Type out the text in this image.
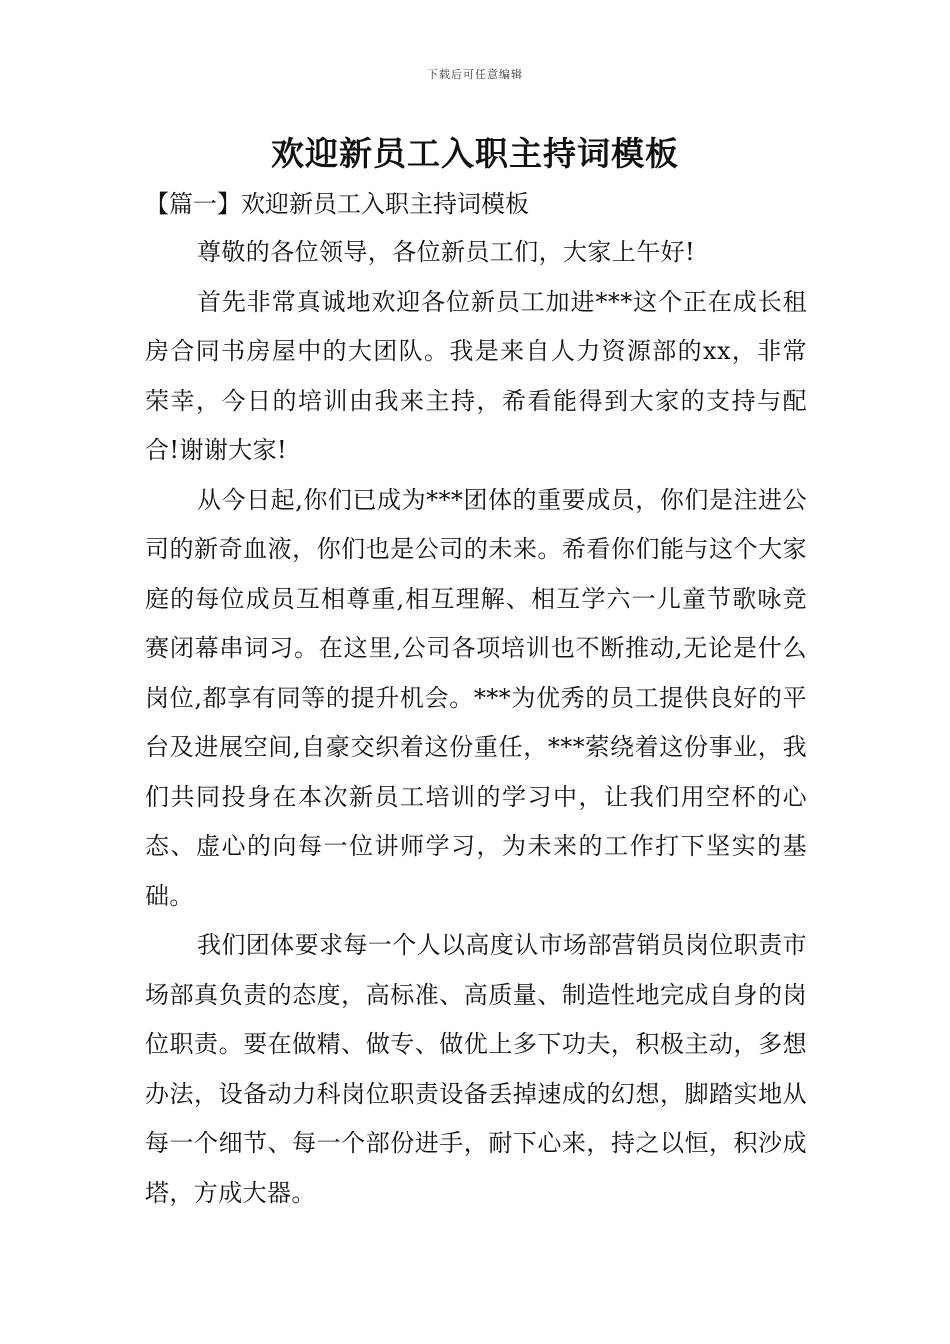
下载后可任意编辑
欢迎新员工入职主持词模板
【篇一】欢迎新员工入职主持词模板

尊敬的各位领导，各位新员工们，大家上午好!

首先非常真诚地欢迎各位新员工加进***这个正在成长租房合同书房屋中的大团队。我是来自人力资源部的xx，非常荣幸，今日的培训由我来主持，希看能得到大家的支持与配合!谢谢大家!

从今日起,你们已成为***团体的重要成员，你们是注进公司的新奇血液，你们也是公司的未来。希看你们能与这个大家庭的每位成员互相尊重,相互理解、相互学六一儿童节歌咏竞赛闭幕串词习。在这里,公司各项培训也不断推动,无论是什么岗位,都享有同等的提升机会。***为优秀的员工提供良好的平台及进展空间,自豪交织着这份重任，***萦绕着这份事业，我们共同投身在本次新员工培训的学习中，让我们用空杯的心态、虚心的向每一位讲师学习，为未来的工作打下坚实的基础。

我们团体要求每一个人以高度认市场部营销员岗位职责市场部真负责的态度，高标准、高质量、制造性地完成自身的岗位职责。要在做精、做专、做优上多下功夫，积极主动，多想办法，设备动力科岗位职责设备丢掉速成的幻想，脚踏实地从每一个细节、每一个部份进手，耐下心来，持之以恒，积沙成塔，方成大器。
